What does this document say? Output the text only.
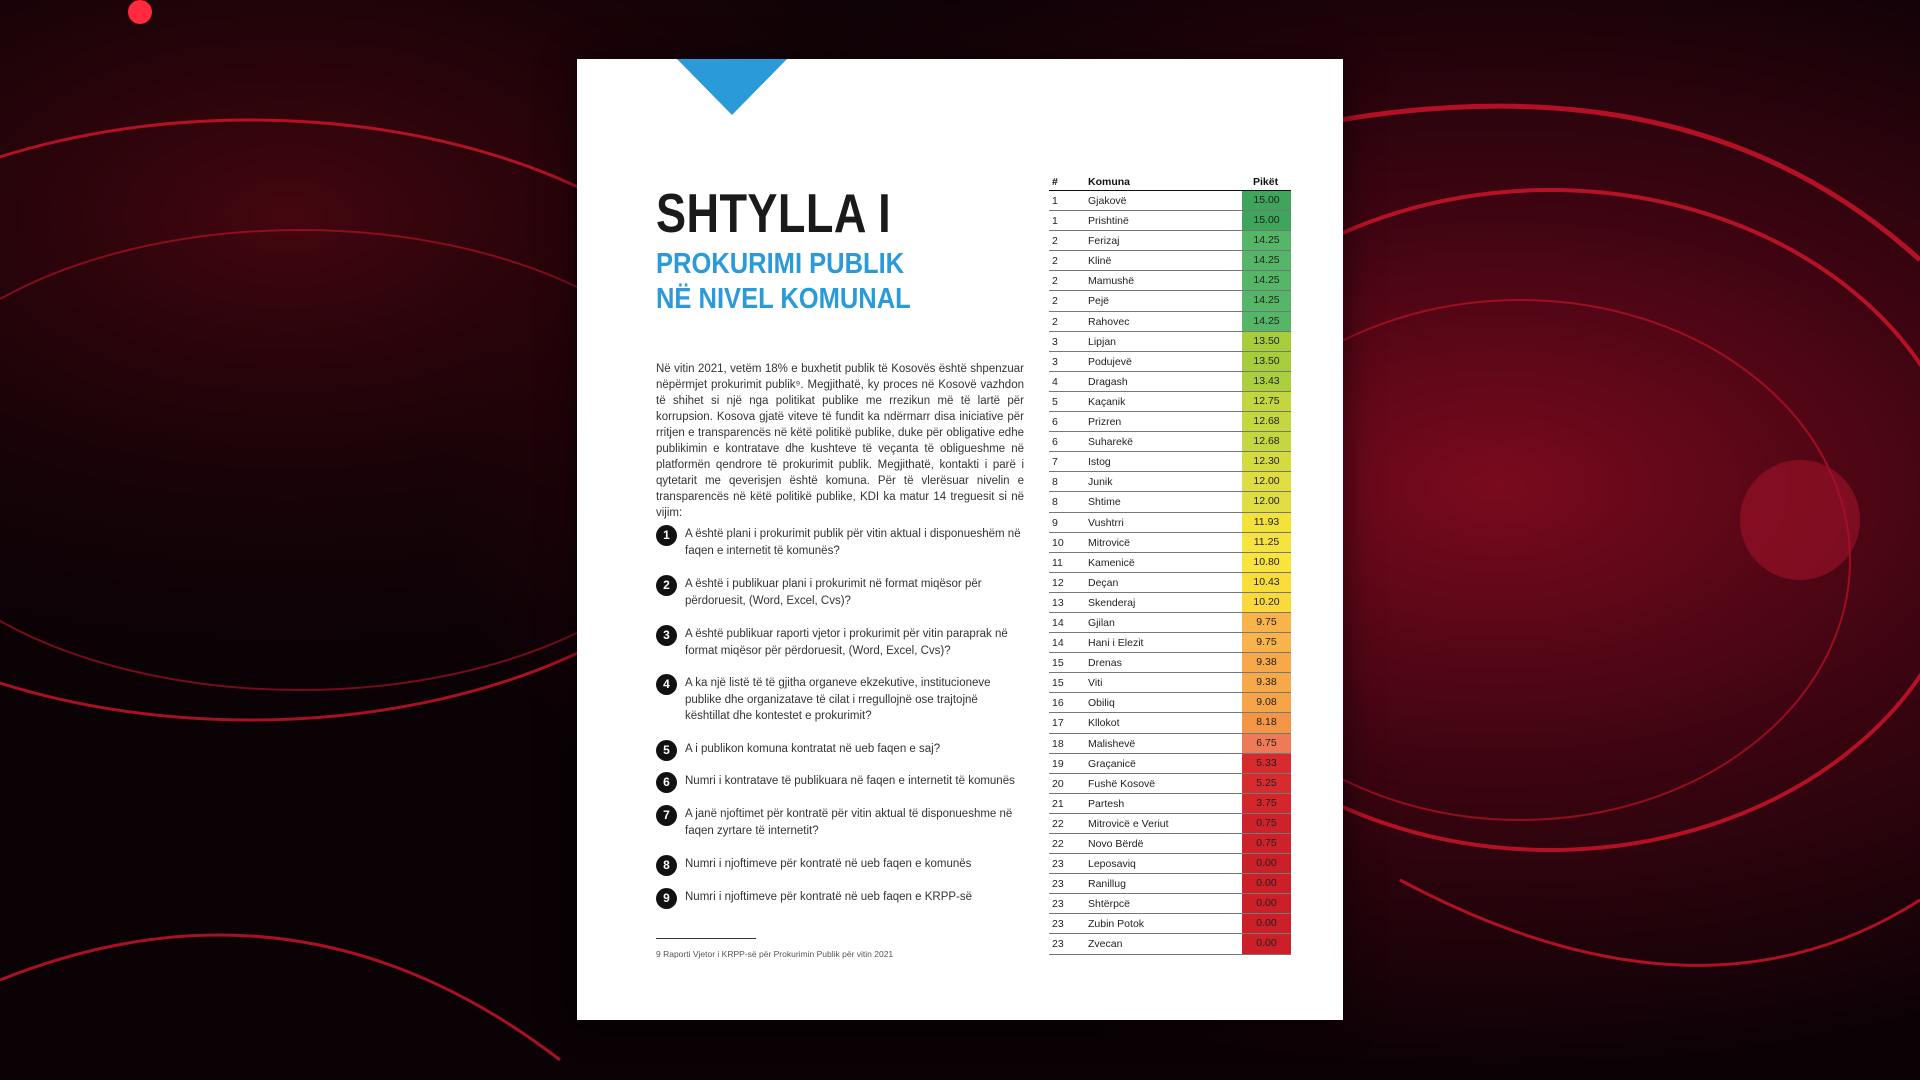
SHTYLLA I
PROKURIMI PUBLIK
NË NIVEL KOMUNAL

Në vitin 2021, vetëm 18% e buxhetit publik të Kosovës është shpenzuar nëpërmjet prokurimit publik⁹. Megjithatë, ky proces në Kosovë vazhdon të shihet si një nga politikat publike me rrezikun më të lartë për korrupsion. Kosova gjatë viteve të fundit ka ndërmarr disa iniciative për rritjen e transparencës në këtë politikë publike, duke për obligative edhe publikimin e kontratave dhe kushteve të veçanta të obligueshme në platformën qendrore të prokurimit publik. Megjithatë, kontakti i parë i qytetarit me qeverisjen është komuna. Për të vlerësuar nivelin e transparencës në këtë politikë publike, KDI ka matur 14 treguesit si në vijim:

1	A është plani i prokurimit publik për vitin aktual i disponueshëm në faqen e internetit të komunës?
2	A është i publikuar plani i prokurimit në format miqësor për përdoruesit, (Word, Excel, Cvs)?
3	A është publikuar raporti vjetor i prokurimit për vitin paraprak në format miqësor për përdoruesit, (Word, Excel, Cvs)?
4	A ka një listë të të gjitha organeve ekzekutive, institucioneve publike dhe organizatave të cilat i rregullojnë ose trajtojnë kështillat dhe kontestet e prokurimit?
5	A i publikon komuna kontratat në ueb faqen e saj?
6	Numri i kontratave të publikuara në faqen e internetit të komunës
7	A janë njoftimet për kontratë për vitin aktual të disponueshme në faqen zyrtare të internetit?
8	Numri i njoftimeve për kontratë në ueb faqen e komunës
9	Numri i njoftimeve për kontratë në ueb faqen e KRPP-së
9 Raporti Vjetor i KRPP-së për Prokurimin Publik për vitin 2021
#	Komuna	Pikët
1	Gjakovë	15.00
1	Prishtinë	15.00
2	Ferizaj	14.25
2	Klinë	14.25
2	Mamushë	14.25
2	Pejë	14.25
2	Rahovec	14.25
3	Lipjan	13.50
3	Podujevë	13.50
4	Dragash	13.43
5	Kaçanik	12.75
6	Prizren	12.68
6	Suharekë	12.68
7	Istog	12.30
8	Junik	12.00
8	Shtime	12.00
9	Vushtrri	11.93
10 Mitrovicë	11.25
11 Kamenicë	10.80
12 Deçan	10.43
13 Skenderaj	10.20
14 Gjilan	9.75
14 Hani i Elezit	9.75
15 Drenas	9.38
15 Viti	9.38
16 Obiliq	9.08
17 Kllokot	8.18
18 Malishevë	6.75
19 Graçanicë	5.33
20 Fushë Kosovë	5.25
21 Partesh	3.75
22 Mitrovicë e Veriut	0.75
22 Novo Bërdë	0.75
23 Leposaviq	0.00
23 Ranillug	0.00
23 Shtërpcë	0.00
23 Zubin Potok	0.00
23 Zvecan	0.00
